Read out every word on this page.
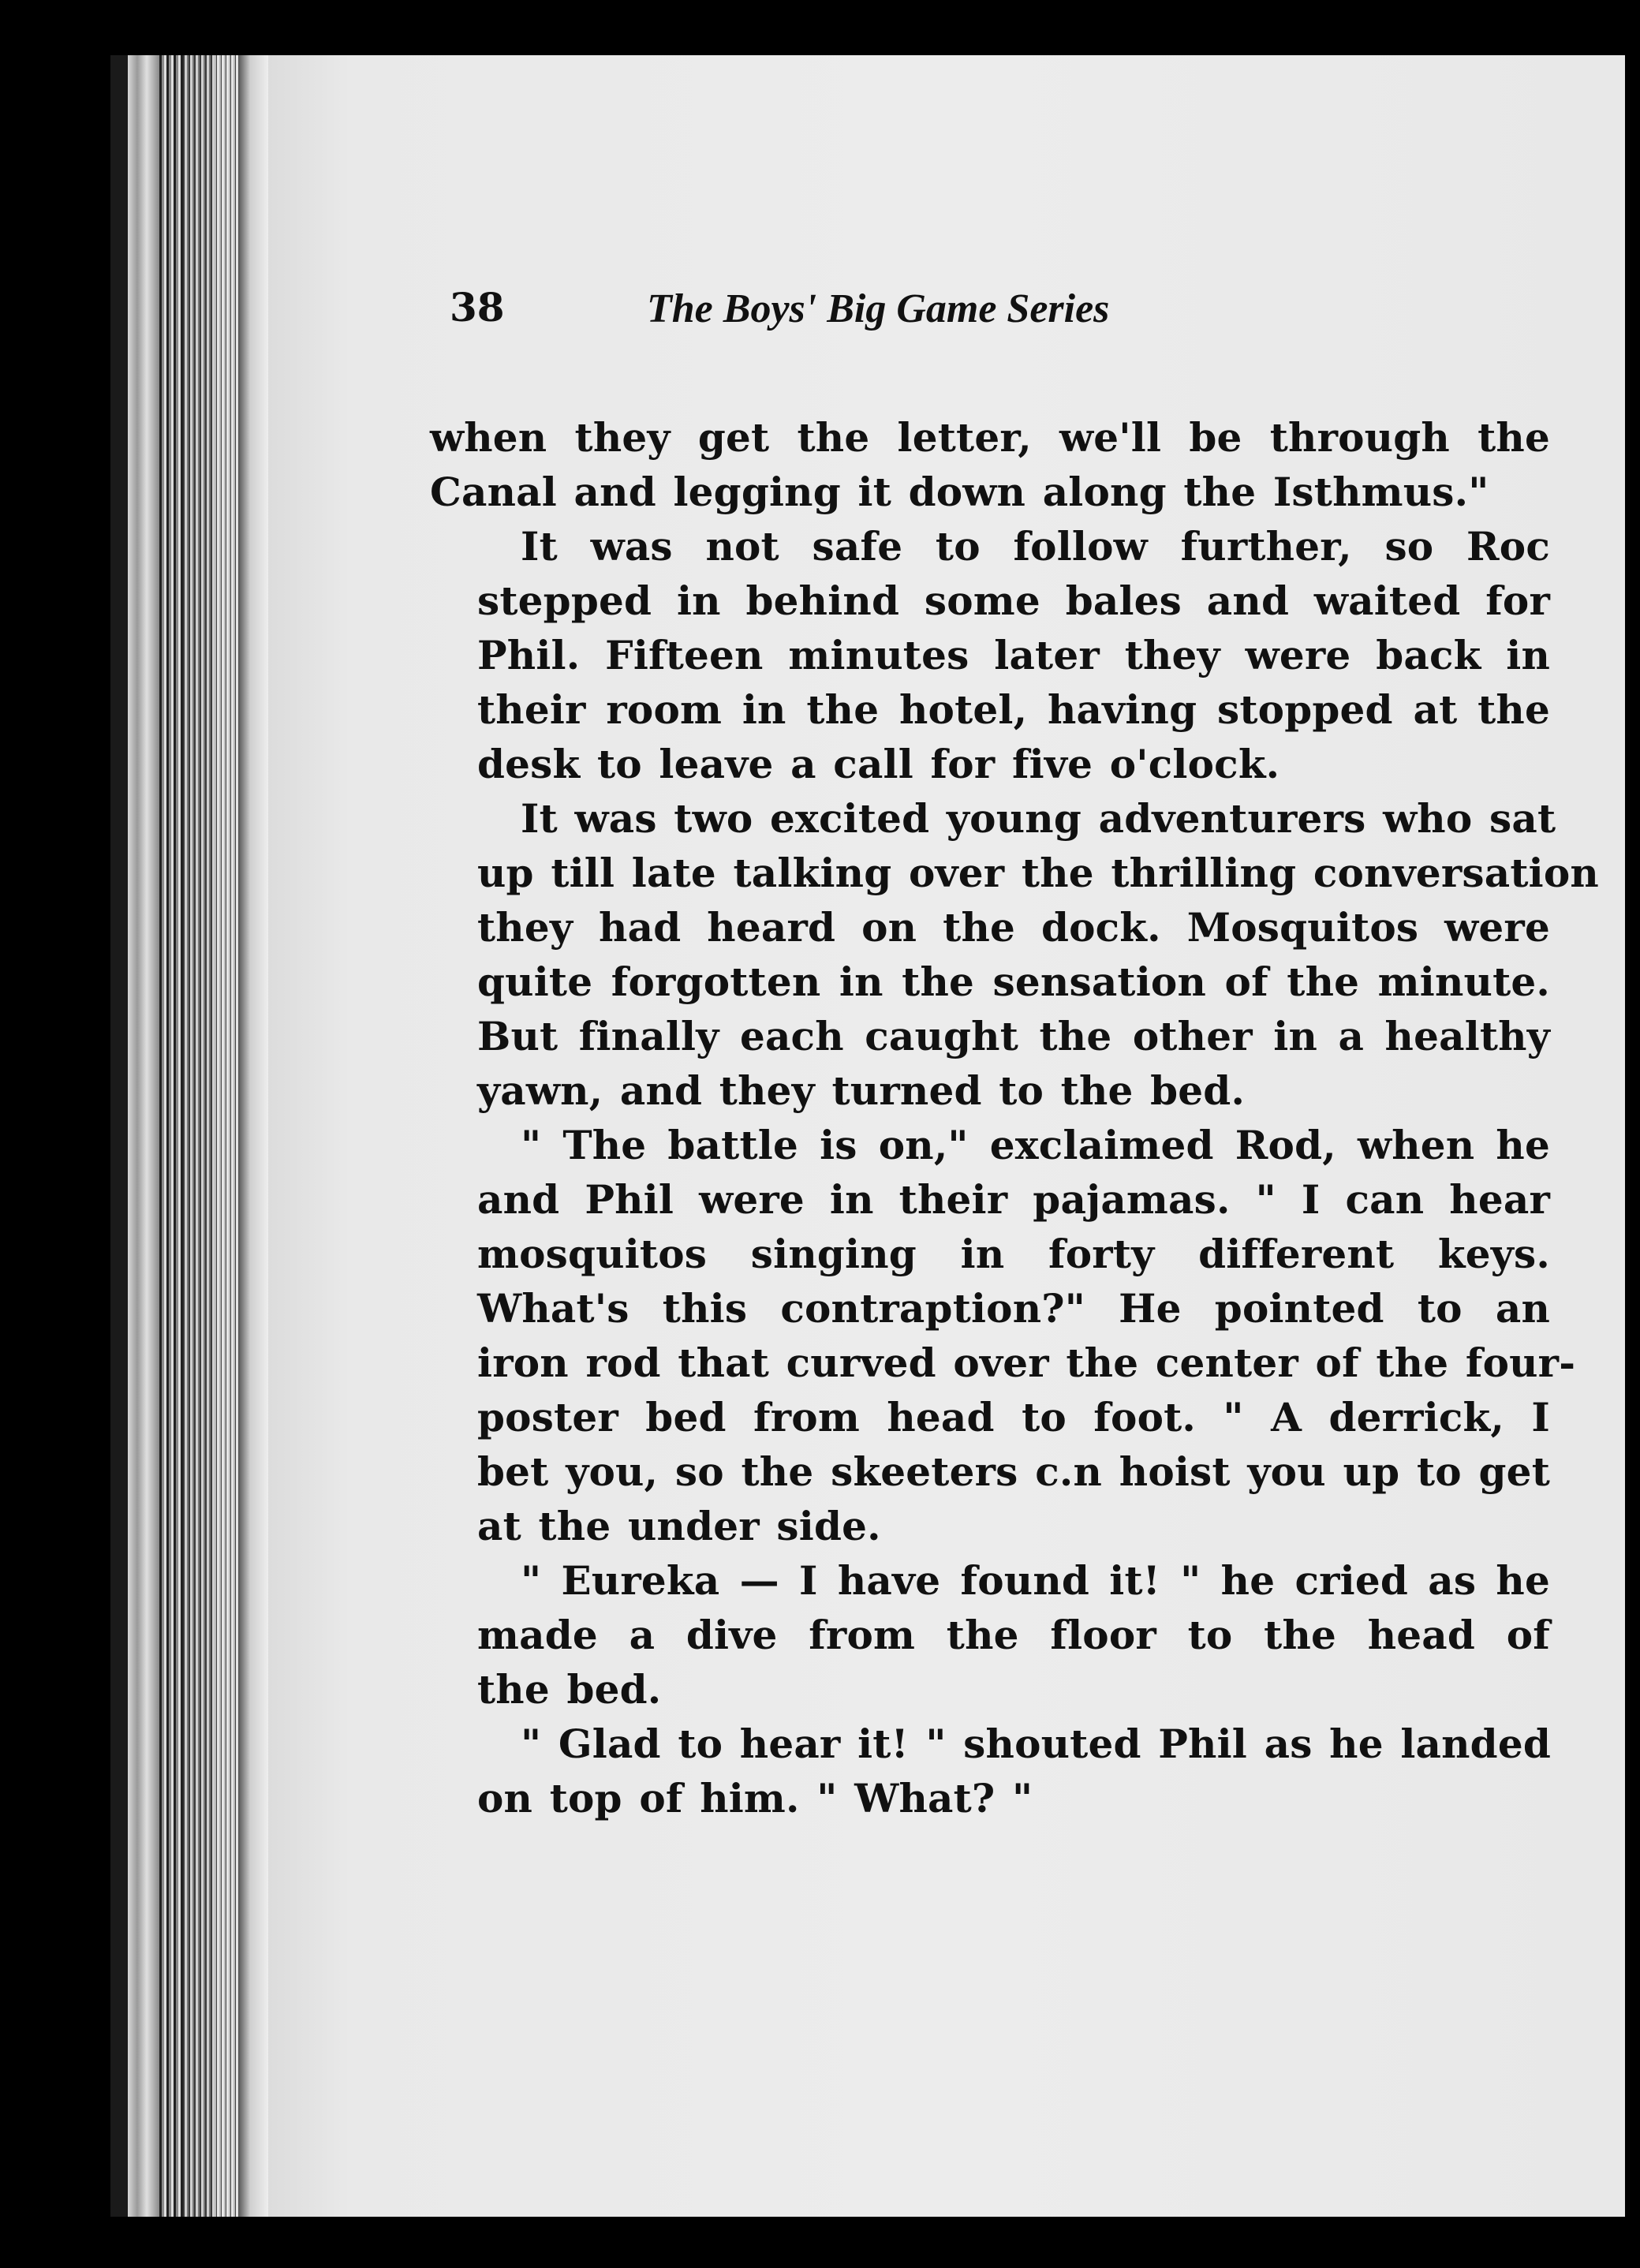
38	The Boys' Big Game Series
when they get the letter, we'll be through the
Canal and legging it down along the Isthmus."
It was not safe to follow further, so Roc
stepped in behind some bales and waited for
Phil. Fifteen minutes later they were back in
their room in the hotel, having stopped at the
desk to leave a call for five o'clock.
It was two excited young adventurers who sat
up till late talking over the thrilling conversation
they had heard on the dock. Mosquitos were
quite forgotten in the sensation of the minute.
But finally each caught the other in a healthy
yawn, and they turned to the bed.
" The battle is on," exclaimed Rod, when he
and Phil were in their pajamas. " I can hear
mosquitos singing in forty different keys.
What's this contraption?" He pointed to an
iron rod that curved over the center of the four-
poster bed from head to foot. " A derrick, I
bet you, so the skeeters c.n hoist you up to get
at the under side.
" Eureka — I have found it! " he cried as he
made a dive from the floor to the head of
the bed.
" Glad to hear it! " shouted Phil as he landed
on top of him. " What? "
